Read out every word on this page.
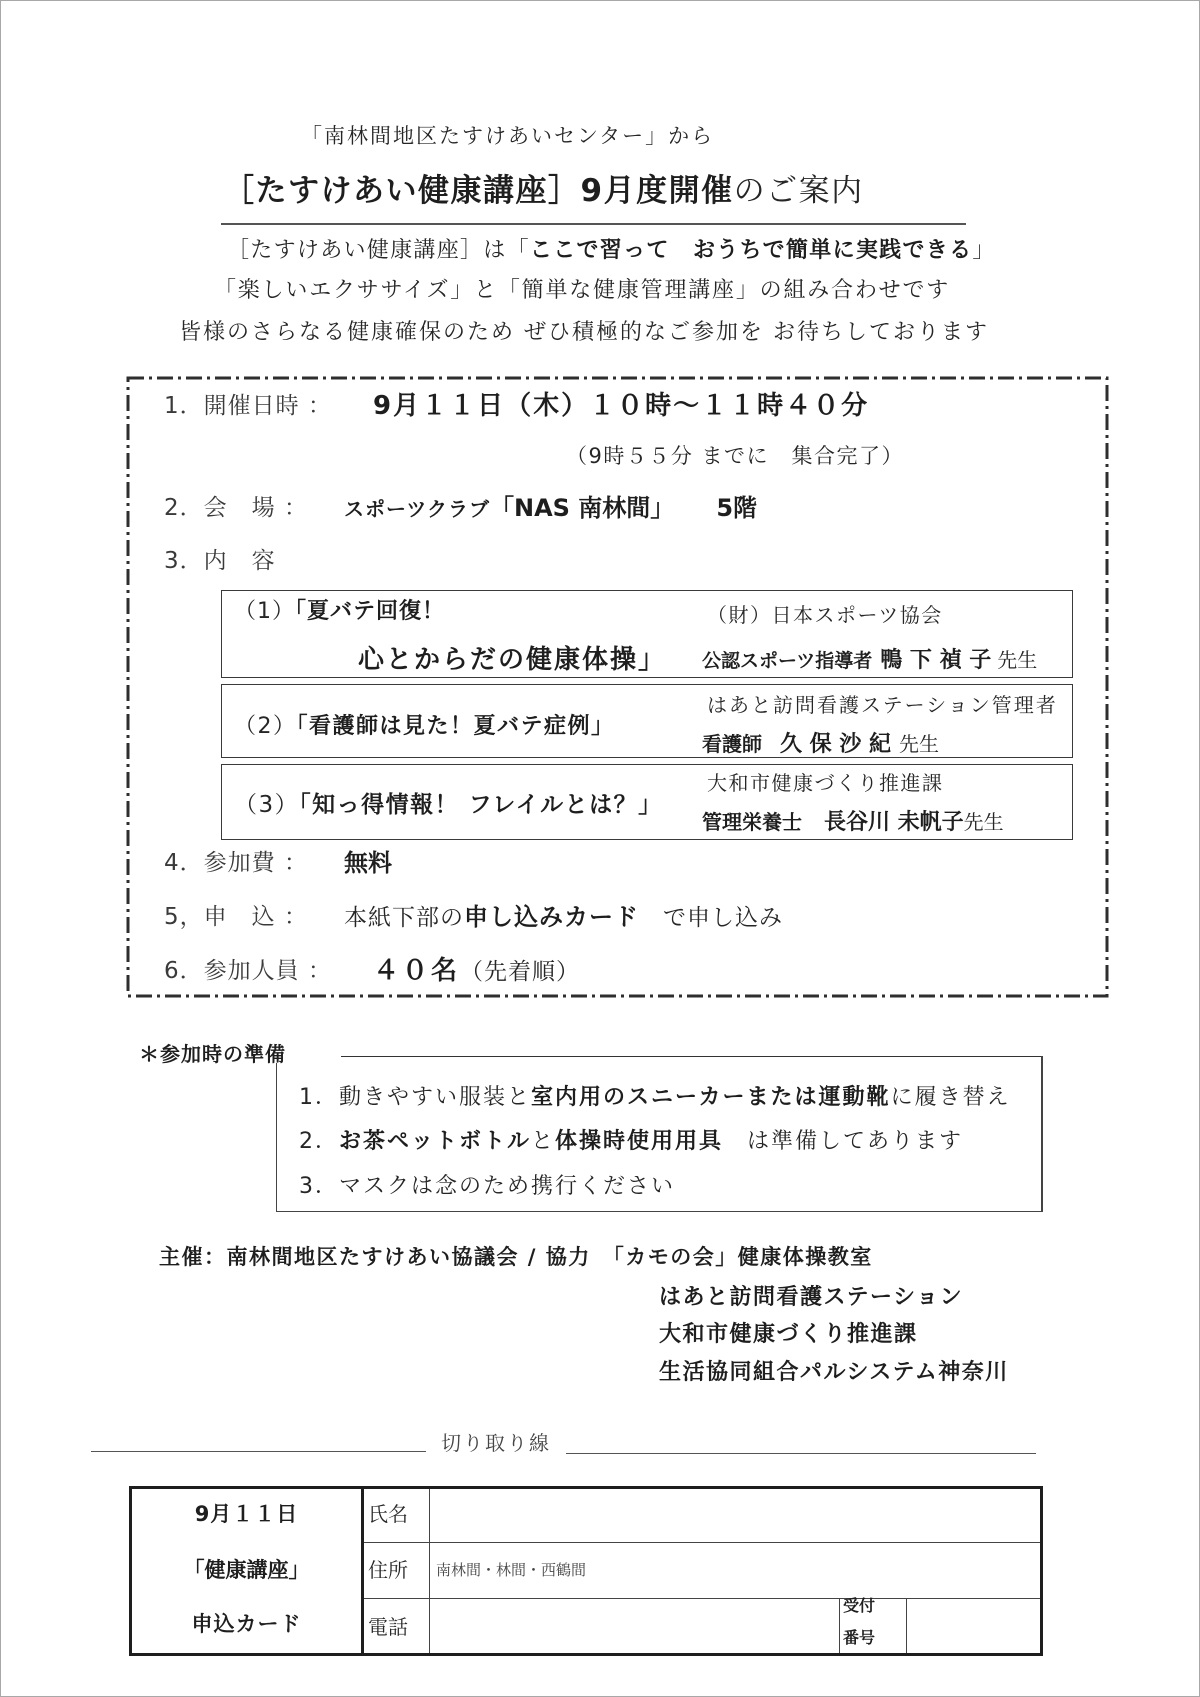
「南林間地区たすけあいセンター」から
［たすけあい健康講座］9月度開催のご案内
［たすけあい健康講座］は「ここで習って　おうちで簡単に実践できる」
「楽しいエクササイズ」と「簡単な健康管理講座」の組み合わせです
皆様のさらなる健康確保のため ぜひ積極的なご参加を お待ちしております
1．開催日時 ： 9月１１日（木）１０時～１１時４０分
（9時５５分 までに　集合完了）
2．会　場 ： スポーツクラブ「NAS 南林間」 5階
3．内　容
（1）「夏バテ回復！
心とからだの健康体操」
（財）日本スポーツ協会
公認スポーツ指導者 鴨 下 禎 子 先生
（2）「看護師は見た！夏バテ症例」
はあと訪問看護ステーション管理者
看護師 久 保 沙 紀 先生
（3）「知っ得情報！ フレイルとは？」
大和市健康づくり推進課
管理栄養士 長谷川 未帆子先生
4．参加費 ： 無料
5，申　込 ： 本紙下部の申し込みカード　で申し込み
6．参加人員 ： ４０名（先着順）
＊参加時の準備
1．動きやすい服装と室内用のスニーカーまたは運動靴に履き替え
2．お茶ペットボトルと体操時使用用具　は準備してあります
3．マスクは念のため携行ください
主催：南林間地区たすけあい協議会 / 協力　「カモの会」健康体操教室
はあと訪問看護ステーション
大和市健康づくり推進課
生活協同組合パルシステム神奈川
切り取り線
9月１１日
「健康講座」
申込カード
氏名
住所
電話
南林間・林間・西鶴間
受付
番号
